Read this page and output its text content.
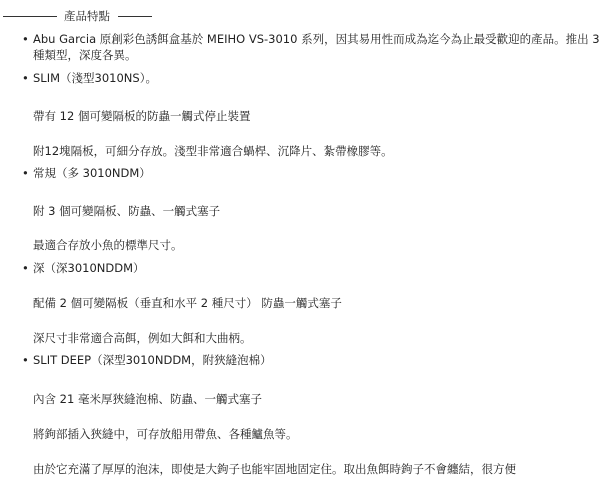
產品特點
• Abu Garcia 原創彩色誘餌盒基於 MEIHO VS-3010 系列，因其易用性而成為迄今為止最受歡迎的產品。推出 3
種類型，深度各異。
• SLIM（淺型3010NS）。
帶有 12 個可變隔板的防蟲一觸式停止裝置
附12塊隔板，可細分存放。淺型非常適合蝸桿、沉降片、紮帶橡膠等。
• 常規（多 3010NDM）
附 3 個可變隔板、防蟲、一觸式塞子
最適合存放小魚的標準尺寸。
• 深（深3010NDDM）
配備 2 個可變隔板（垂直和水平 2 種尺寸） 防蟲一觸式塞子
深尺寸非常適合高餌，例如大餌和大曲柄。
• SLIT DEEP（深型3010NDDM，附狹縫泡棉）
內含 21 毫米厚狹縫泡棉、防蟲、一觸式塞子
將鉤部插入狹縫中，可存放船用帶魚、各種鱸魚等。
由於它充滿了厚厚的泡沫，即使是大鉤子也能牢固地固定住。取出魚餌時鉤子不會纏結，很方便
